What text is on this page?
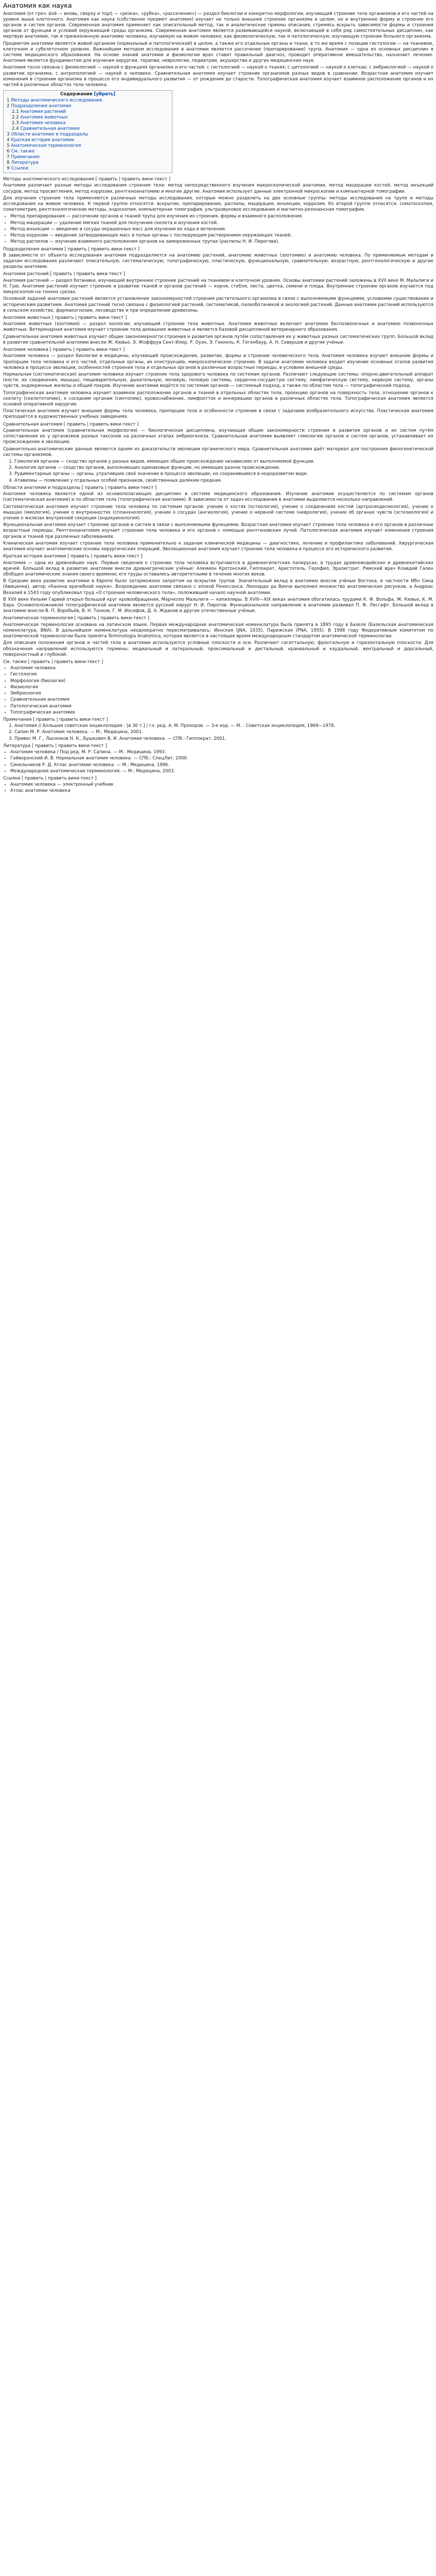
Анатомия как наука

Анатомия (от греч. ἀνά — вновь, сверху и τομή — «резка», «рубка», «рассечение») — раздел биологии и конкретно морфологии, изучающий строение тела организмов и его частей на уровне выше клеточного. Анатомия как наука (собственно предмет анатомия) изучает не только внешнее строение организма в целом, но и внутреннее форму и строение его органов и систем органов. Современная анатомия применяет как описательный метод, так и аналитические приемы описания, стремясь вскрыть зависимости формы и строения органов от функции и условий окружающей среды организма. Современная анатомия является развивающейся наукой, включающей в себя ряд самостоятельных дисциплин, как мертвую анатомию, так и прижизненную анатомию человека, изучаемую на живом человеке; как физиологическую, так и патологическую, изучающую строение больного организма.

Предметом анатомии является живой организм (нормальный и патологический) в целом, а также его отдельные органы и ткани, в то же время с позиции гистологии — на тканевом, клеточном и субклеточном уровнях. Важнейшим методом исследования в анатомии является рассечение (препарирование) трупа. Анатомия — одна из основных дисциплин в системе медицинского образования. На основе знаний анатомии и физиологии врач ставит правильный диагноз, проводит оперативное вмешательство, назначает лечение. Анатомия является фундаментом для изучения хирургии, терапии, неврологии, педиатрии, акушерства и других медицинских наук.

Анатомия тесно связана с физиологией — наукой о функциях организма и его частей; с гистологией — наукой о тканях; с цитологией — наукой о клетках; с эмбриологией — наукой о развитии организма; с антропологией — наукой о человеке. Сравнительная анатомия изучает строение организмов разных видов в сравнении. Возрастная анатомия изучает изменения в строении организма в процессе его индивидуального развития — от рождения до старости. Топографическая анатомия изучает взаимное расположение органов и их частей в различных областях тела человека.

Содержание [убрать]
1 Методы анатомического исследования
2 Подразделения анатомии
2.1 Анатомия растений
2.2 Анатомия животных
2.3 Анатомия человека
2.4 Сравнительная анатомия
3 Области анатомии и подразделы
4 Краткая история анатомии
5 Анатомическая терминология
6 См. также
7 Примечания
8 Литература
9 Ссылки
Методы анатомического исследования [ править | править вики-текст ]

Анатомия различает разные методы исследования строения тела: метод непосредственного изучения макроскопической анатомии, метод мацерации костей, метод инъекций сосудов, метод просветления, метод коррозии, рентгеноанатомию и многие другие. Анатомия использует данные электронной микроскопии и компьютерной томографии.

Для изучения строения тела применяются различные методы исследования, которые можно разделить на две основные группы: методы исследования на трупе и методы исследования на живом человеке. К первой группе относятся: вскрытие, препарирование, распилы, мацерация, инъекции, коррозия. Ко второй группе относятся: соматоскопия, соматометрия, рентгенологические методы, эндоскопия, компьютерная томография, ультразвуковое исследование и магнитно-резонансная томография.

• Метод препарирования — рассечение органов и тканей трупа для изучения их строения, формы и взаимного расположения.
• Метод мацерации — удаление мягких тканей для получения скелета и изучения костей.
• Метод инъекции — введение в сосуды окрашенных масс для изучения их хода и ветвления.
• Метод коррозии — введение затвердевающих масс в полые органы с последующим растворением окружающих тканей.
• Метод распилов — изучение взаимного расположения органов на замороженных трупах (распилы Н. И. Пирогова).
Подразделения анатомии [ править | править вики-текст ]

В зависимости от объекта исследования анатомия подразделяется на анатомию растений, анатомию животных (зоотомию) и анатомию человека. По применяемым методам и задачам исследования различают описательную, систематическую, топографическую, пластическую, функциональную, сравнительную, возрастную, рентгенологическую и другие разделы анатомии.

Анатомия растений [ править | править вики-текст ]

Анатомия растений — раздел ботаники, изучающий внутреннее строение растений на тканевом и клеточном уровнях. Основы анатомии растений заложены в XVII веке М. Мальпиги и Н. Грю. Анатомия растений изучает строение и развитие тканей и органов растений — корня, стебля, листа, цветка, семени и плода. Внутреннее строение органов изучается под микроскопом на тонких срезах.

Основной задачей анатомии растений является установление закономерностей строения растительного организма в связи с выполняемыми функциями, условиями существования и историческим развитием. Анатомия растений тесно связана с физиологией растений, систематикой, палеоботаникой и экологией растений. Данные анатомии растений используются в сельском хозяйстве, фармакогнозии, лесоводстве и при определении древесины.

Анатомия животных [ править | править вики-текст ]

Анатомия животных (зоотомия) — раздел зоологии, изучающий строение тела животных. Анатомия животных включает анатомию беспозвоночных и анатомию позвоночных животных. Ветеринарная анатомия изучает строение тела домашних животных и является базовой дисциплиной ветеринарного образования.

Сравнительная анатомия животных изучает общие закономерности строения и развития органов путём сопоставления их у животных разных систематических групп. Большой вклад в развитие сравнительной анатомии внесли Ж. Кювье, Э. Жоффруа Сент-Илер, Р. Оуэн, Э. Геккель, К. Гегенбаур, А. Н. Северцов и другие учёные.

Анатомия человека [ править | править вики-текст ]

Анатомия человека — раздел биологии и медицины, изучающий происхождение, развитие, формы и строение человеческого тела. Анатомия человека изучает внешние формы и пропорции тела человека и его частей, отдельные органы, их конструкцию, микроскопическое строение. В задачи анатомии человека входит изучение основных этапов развития человека в процессе эволюции, особенностей строения тела и отдельных органов в различные возрастные периоды, в условиях внешней среды.

Нормальная (систематическая) анатомия человека изучает строение тела здорового человека по системам органов. Различают следующие системы: опорно-двигательный аппарат (кости, их соединения, мышцы), пищеварительную, дыхательную, мочевую, половую системы, сердечно-сосудистую систему, лимфатическую систему, нервную систему, органы чувств, эндокринные железы и общий покров. Изучение анатомии ведётся по системам органов — системный подход, а также по областям тела — топографический подход.

Топографическая анатомия человека изучает взаимное расположение органов и тканей в отдельных областях тела, проекцию органов на поверхность тела, отношение органов к скелету (скелетотопию), к соседним органам (синтопию), кровоснабжение, лимфоотток и иннервацию органов в различных областях тела. Топографическая анатомия является основой оперативной хирургии.

Пластическая анатомия изучает внешние формы тела человека, пропорции тела и особенности строения в связи с задачами изобразительного искусства. Пластическая анатомия преподаётся в художественных учебных заведениях.

Сравнительная анатомия [ править | править вики-текст ]

Сравнительная анатомия (сравнительная морфология) — биологическая дисциплина, изучающая общие закономерности строения и развития органов и их систем путём сопоставления их у организмов разных таксонов на различных этапах эмбриогенеза. Сравнительная анатомия выявляет гомологию органов и систем органов, устанавливает их происхождение и эволюцию.

Сравнительно-анатомические данные являются одним из доказательств эволюции органического мира. Сравнительная анатомия даёт материал для построения филогенетической системы организмов.

1. Гомология органов — сходство органов у разных видов, имеющих общее происхождение независимо от выполняемой функции.
2. Аналогия органов — сходство органов, выполняющих одинаковые функции, но имеющих разное происхождение.
3. Рудиментарные органы — органы, утратившие своё значение в процессе эволюции, но сохранившиеся в недоразвитом виде.
4. Атавизмы — появление у отдельных особей признаков, свойственных далёким предкам.
Области анатомии и подразделы [ править | править вики-текст ]

Анатомия человека является одной из основополагающих дисциплин в системе медицинского образования. Изучение анатомии осуществляется по системам органов (систематическая анатомия) и по областям тела (топографическая анатомия). В зависимости от задач исследования в анатомии выделяются несколько направлений.

Систематическая анатомия изучает строение тела человека по системам органов: учение о костях (остеология), учение о соединениях костей (артросиндесмология), учение о мышцах (миология), учение о внутренностях (спланхнология), учение о сосудах (ангиология), учение о нервной системе (неврология), учение об органах чувств (эстезиология) и учение о железах внутренней секреции (эндокринология).

Функциональная анатомия изучает строение органов и систем в связи с выполняемыми функциями. Возрастная анатомия изучает строение тела человека и его органов в различные возрастные периоды. Рентгеноанатомия изучает строение тела человека и его органов с помощью рентгеновских лучей. Патологическая анатомия изучает изменения строения органов и тканей при различных заболеваниях.

Клиническая анатомия изучает строение тела человека применительно к задачам клинической медицины — диагностике, лечению и профилактике заболеваний. Хирургическая анатомия изучает анатомические основы хирургических операций. Эволюционная анатомия изучает строение тела человека в процессе его исторического развития.

Краткая история анатомии [ править | править вики-текст ]

Анатомия — одна из древнейших наук. Первые сведения о строении тела человека встречаются в древнеегипетских папирусах, в трудах древнеиндийских и древнекитайских врачей. Большой вклад в развитие анатомии внесли древнегреческие учёные: Алкмеон Кротонский, Гиппократ, Аристотель, Герофил, Эразистрат. Римский врач Клавдий Гален обобщил анатомические знания своего времени; его труды оставались авторитетными в течение многих веков.

В Средние века развитие анатомии в Европе было заторможено запретом на вскрытие трупов. Значительный вклад в анатомию внесли учёные Востока, в частности Ибн Сина (Авиценна), автор «Канона врачебной науки». Возрождение анатомии связано с эпохой Ренессанса: Леонардо да Винчи выполнил множество анатомических рисунков, а Андреас Везалий в 1543 году опубликовал труд «О строении человеческого тела», положивший начало научной анатомии.

В XVII веке Уильям Гарвей открыл большой круг кровообращения, Марчелло Мальпиги — капилляры. В XVIII—XIX веках анатомия обогатилась трудами К. Ф. Вольфа, Ж. Кювье, К. М. Бэра. Основоположником топографической анатомии является русский хирург Н. И. Пирогов. Функциональное направление в анатомии развивал П. Ф. Лесгафт. Большой вклад в анатомию внесли В. П. Воробьёв, В. Н. Тонков, Г. М. Иосифов, Д. А. Жданов и другие отечественные учёные.

Анатомическая терминология [ править | править вики-текст ]

Анатомическая терминология основана на латинском языке. Первая международная анатомическая номенклатура была принята в 1895 году в Базеле (Базельская анатомическая номенклатура, BNA). В дальнейшем номенклатура неоднократно пересматривалась: Иенская (JNA, 1935), Парижская (PNA, 1955). В 1998 году Федеративным комитетом по анатомической терминологии была принята Terminologia Anatomica, которая является в настоящее время международным стандартом анатомической терминологии.

Для описания положения органов и частей тела в анатомии используются условные плоскости и оси. Различают сагиттальную, фронтальную и горизонтальную плоскости. Для обозначения направлений используются термины: медиальный и латеральный, проксимальный и дистальный, краниальный и каудальный, вентральный и дорсальный, поверхностный и глубокий.

См. также [ править | править вики-текст ]
• Анатомия человека
• Гистология
• Морфология (биология)
• Физиология
• Эмбриология
• Сравнительная анатомия
• Патологическая анатомия
• Топографическая анатомия
Примечания [ править | править вики-текст ]
1. Анатомия // Большая советская энциклопедия : [в 30 т.] / гл. ред. А. М. Прохоров. — 3-е изд. — М. : Советская энциклопедия, 1969—1978.
2. Сапин М. Р. Анатомия человека. — М.: Медицина, 2001.
3. Привес М. Г., Лысенков Н. К., Бушкович В. И. Анатомия человека. — СПб.: Гиппократ, 2001.
Литература [ править | править вики-текст ]
• Анатомия человека / Под ред. М. Р. Сапина. — М.: Медицина, 1993.
• Гайворонский И. В. Нормальная анатомия человека. — СПб.: СпецЛит, 2000.
• Синельников Р. Д. Атлас анатомии человека. — М.: Медицина, 1996.
• Международная анатомическая терминология. — М.: Медицина, 2003.
Ссылки [ править | править вики-текст ]
• Анатомия человека — электронный учебник
• Атлас анатомии человека
